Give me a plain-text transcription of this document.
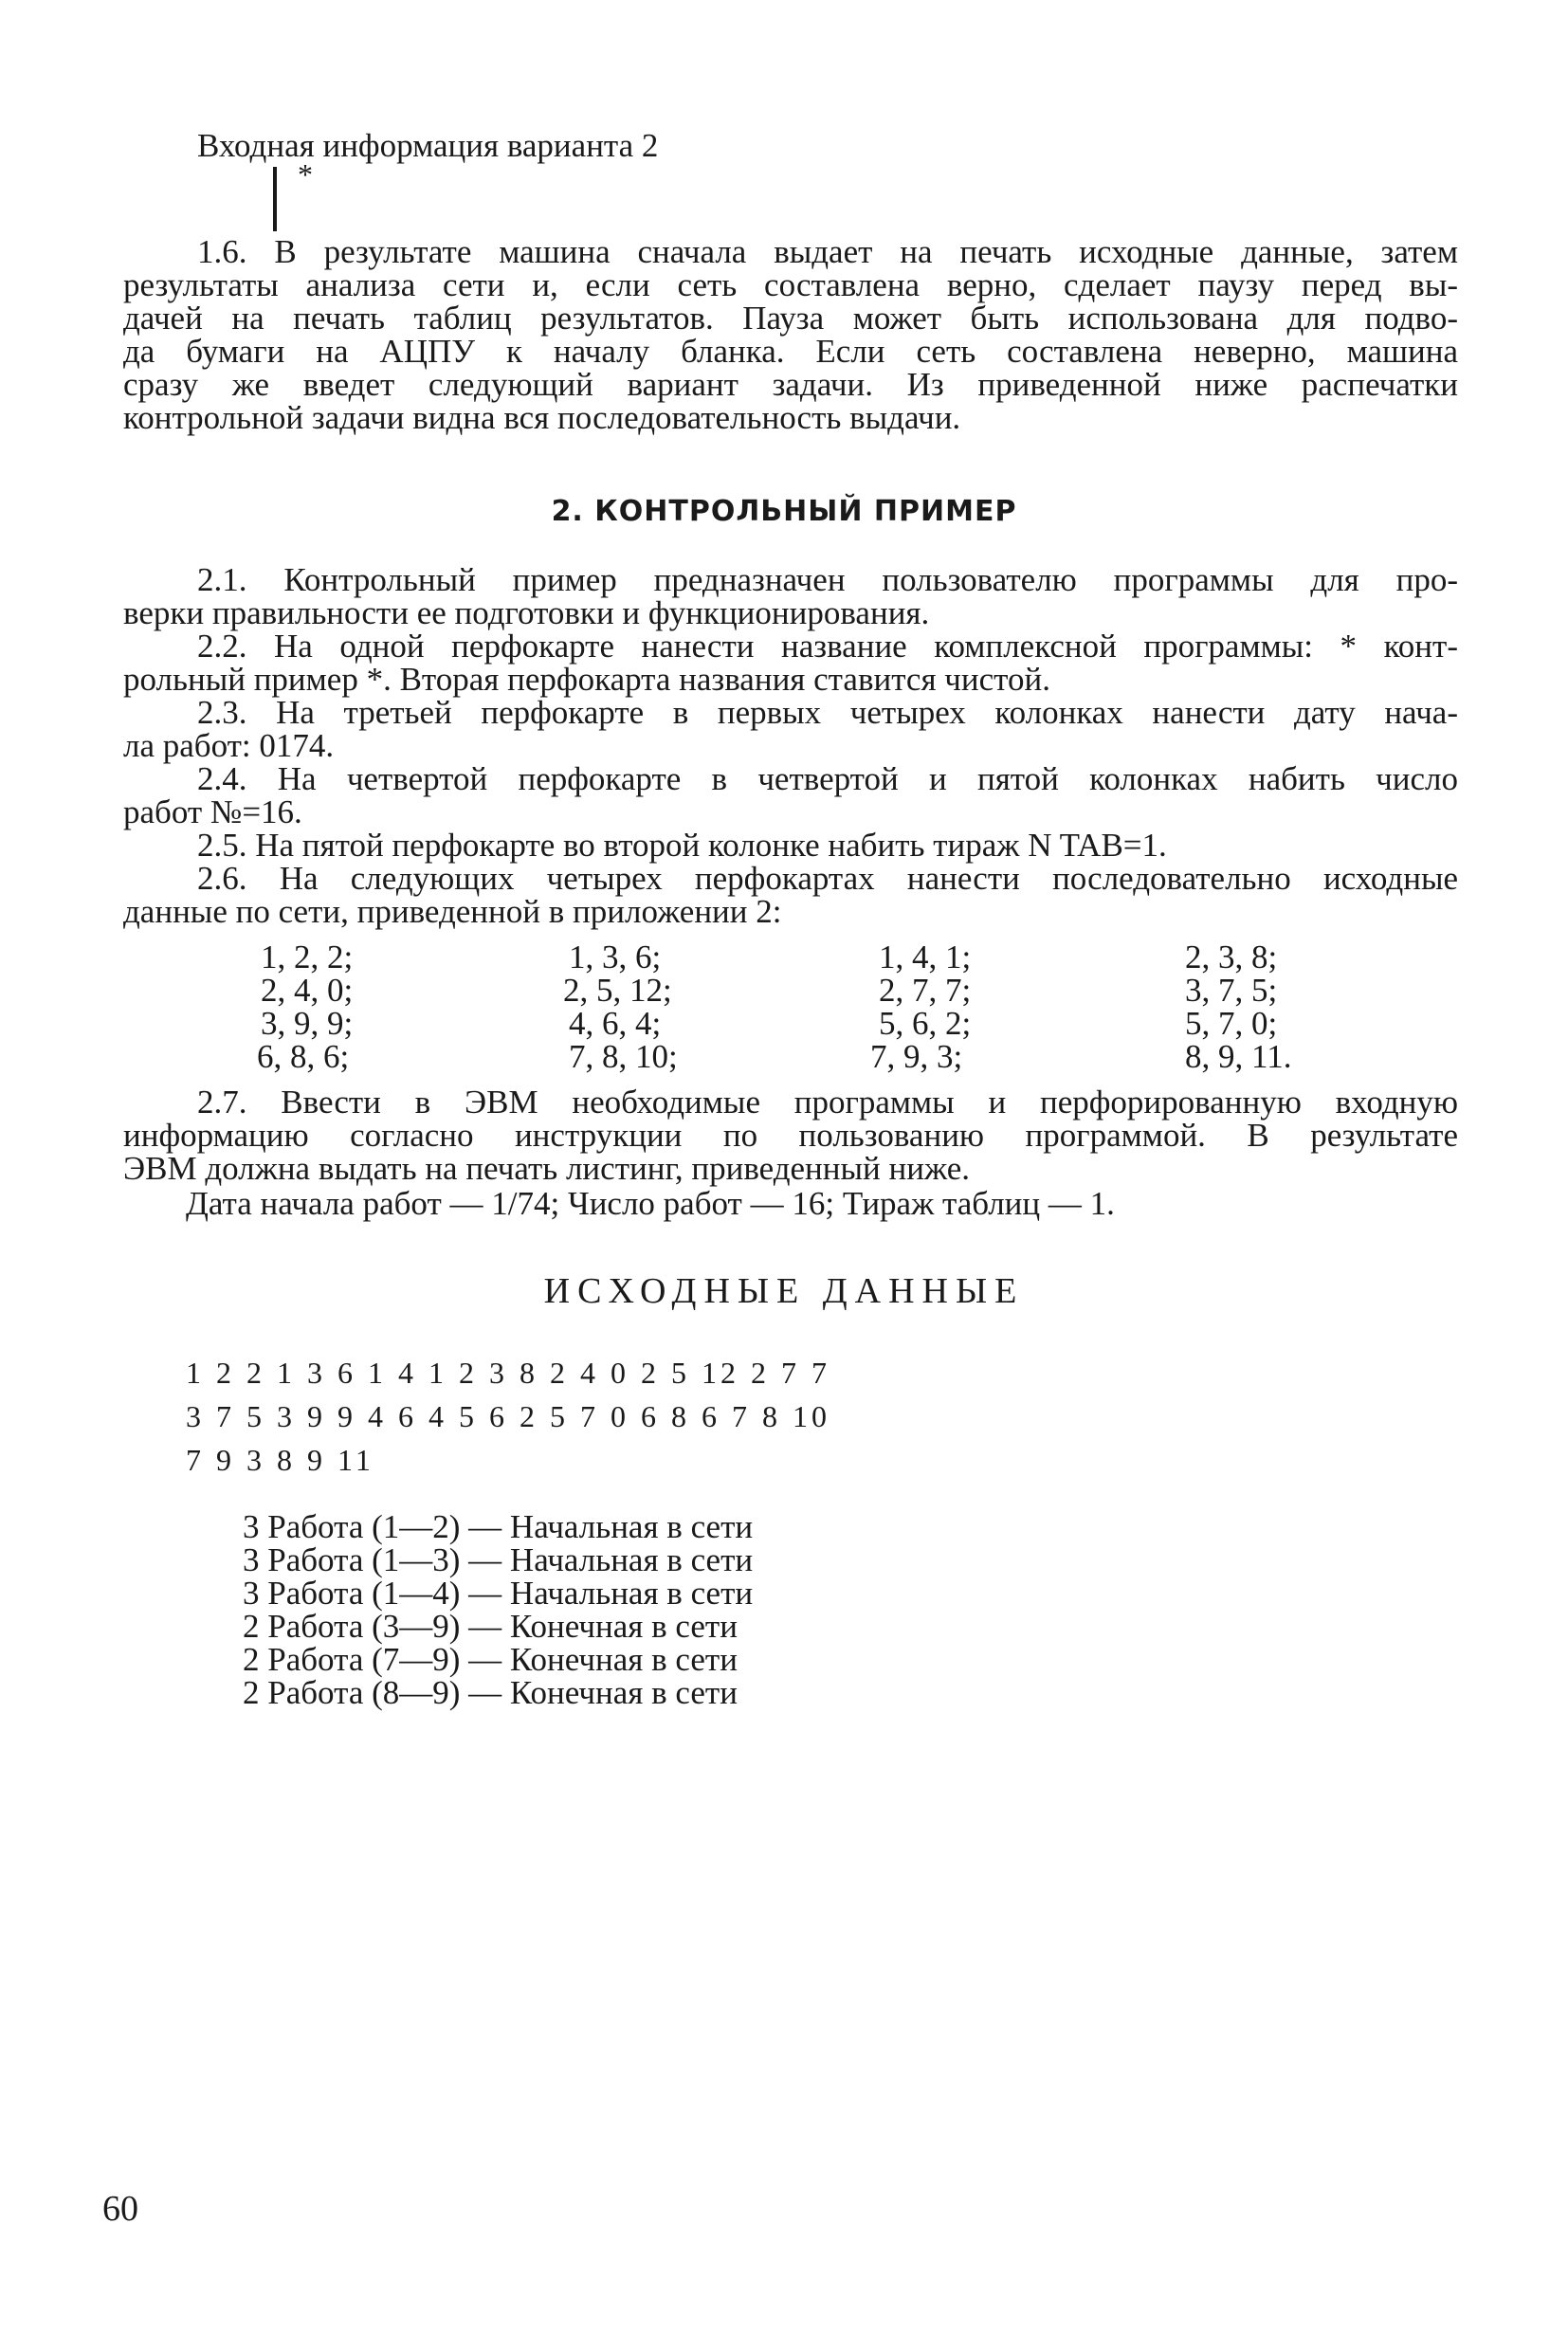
Входная информация варианта 2
*
1.6. В результате машина сначала выдает на печать исходные данные, затем
результаты анализа сети и, если сеть составлена верно, сделает паузу перед вы-
дачей на печать таблиц результатов. Пауза может быть использована для подво-
да бумаги на АЦПУ к началу бланка. Если сеть составлена неверно, машина
сразу же введет следующий вариант задачи. Из приведенной ниже распечатки
контрольной задачи видна вся последовательность выдачи.
2. КОНТРОЛЬНЫЙ ПРИМЕР
2.1. Контрольный пример предназначен пользователю программы для про-
верки правильности ее подготовки и функционирования.
2.2. На одной перфокарте нанести название комплексной программы: * конт-
рольный пример *. Вторая перфокарта названия ставится чистой.
2.3. На третьей перфокарте в первых четырех колонках нанести дату нача-
ла работ: 0174.
2.4. На четвертой перфокарте в четвертой и пятой колонках набить число
работ №=16.
2.5. На пятой перфокарте во второй колонке набить тираж N TAB=1.
2.6. На следующих четырех перфокартах нанести последовательно исходные
данные по сети, приведенной в приложении 2:
1, 2, 2;	1, 3, 6;	1, 4, 1;	2, 3, 8;
2, 4, 0;	2, 5, 12;	2, 7, 7;	3, 7, 5;
3, 9, 9;	4, 6, 4;	5, 6, 2;	5, 7, 0;
6, 8, 6;	7, 8, 10;	7, 9, 3;	8, 9, 11.
2.7. Ввести в ЭВМ необходимые программы и перфорированную входную
информацию согласно инструкции по пользованию программой. В результате
ЭВМ должна выдать на печать листинг, приведенный ниже.
Дата начала работ — 1/74; Число работ — 16; Тираж таблиц — 1.
ИСХОДНЫЕ ДАННЫЕ
1 2 2 1 3 6 1 4 1 2 3 8 2 4 0 2 5 12 2 7 7
3 7 5 3 9 9 4 6 4 5 6 2 5 7 0 6 8 6 7 8 10
7 9 3 8 9 11
3 Работа (1—2) — Начальная в сети
3 Работа (1—3) — Начальная в сети
3 Работа (1—4) — Начальная в сети
2 Работа (3—9) — Конечная в сети
2 Работа (7—9) — Конечная в сети
2 Работа (8—9) — Конечная в сети
60
